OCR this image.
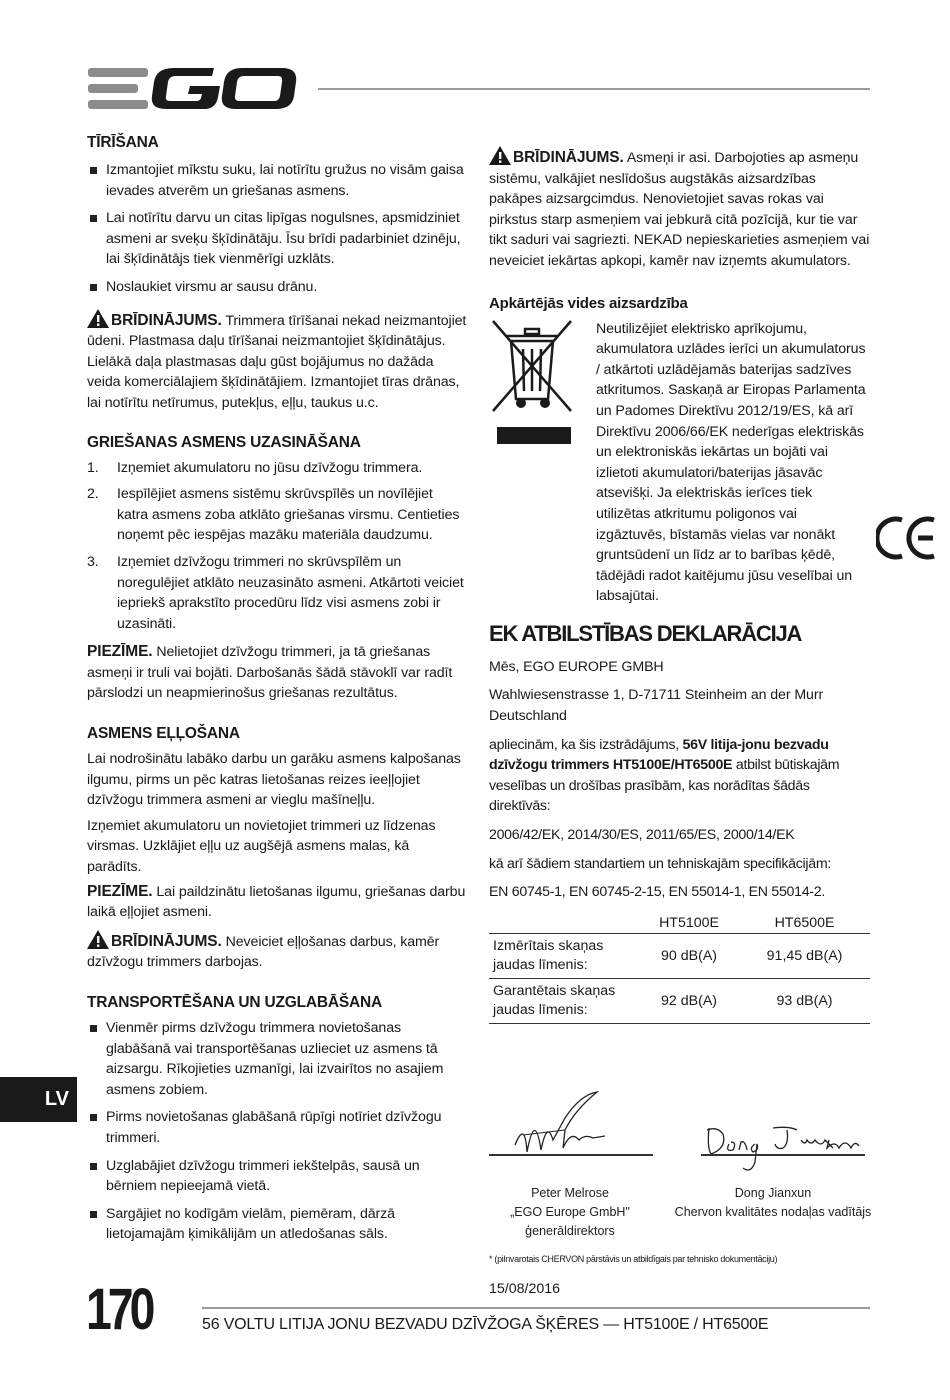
TĪRĪŠANA
Izmantojiet mīkstu suku, lai notīrītu gružus no visām gaisa ievades atverēm un griešanas asmens.
Lai notīrītu darvu un citas lipīgas nogulsnes, apsmidziniet asmeni ar sveķu šķīdinātāju. Īsu brīdi padarbiniet dzinēju, lai šķīdinātājs tiek vienmērīgi uzklāts.
Noslaukiet virsmu ar sausu drānu.

BRĪDINĀJUMS. Trimmera tīrīšanai nekad neizmantojiet ūdeni. Plastmasa daļu tīrīšanai neizmantojiet šķīdinātājus. Lielākā daļa plastmasas daļu gūst bojājumus no dažāda veida komerciālajiem šķīdinātājiem. Izmantojiet tīras drānas, lai notīrītu netīrumus, putekļus, eļļu, taukus u.c.

GRIEŠANAS ASMENS UZASINĀŠANA
1. Izņemiet akumulatoru no jūsu dzīvžogu trimmera.
2. Iespīlējiet asmens sistēmu skrūvspīlēs un novīlējiet katra asmens zoba atklāto griešanas virsmu. Centieties noņemt pēc iespējas mazāku materiāla daudzumu.
3. Izņemiet dzīvžogu trimmeri no skrūvspīlēm un noregulējiet atklāto neuzasināto asmeni. Atkārtoti veiciet iepriekš aprakstīto procedūru līdz visi asmens zobi ir uzasināti.

PIEZĪME. Nelietojiet dzīvžogu trimmeri, ja tā griešanas asmeņi ir truli vai bojāti. Darbošanās šādā stāvoklī var radīt pārslodzi un neapmierinošus griešanas rezultātus.

ASMENS EĻĻOŠANA

Lai nodrošinātu labāko darbu un garāku asmens kalpošanas ilgumu, pirms un pēc katras lietošanas reizes ieeļļojiet dzīvžogu trimmera asmeni ar vieglu mašīneļļu.

Izņemiet akumulatoru un novietojiet trimmeri uz līdzenas virsmas. Uzklājiet eļļu uz augšējā asmens malas, kā parādīts.

PIEZĪME. Lai paildzinātu lietošanas ilgumu, griešanas darbu laikā eļļojiet asmeni.

BRĪDINĀJUMS. Neveiciet eļļošanas darbus, kamēr dzīvžogu trimmers darbojas.

TRANSPORTĒŠANA UN UZGLABĀŠANA
Vienmēr pirms dzīvžogu trimmera novietošanas glabāšanā vai transportēšanas uzlieciet uz asmens tā aizsargu. Rīkojieties uzmanīgi, lai izvairītos no asajiem asmens zobiem.
Pirms novietošanas glabāšanā rūpīgi notīriet dzīvžogu trimmeri.
Uzglabājiet dzīvžogu trimmeri iekštelpās, sausā un bērniem nepieejamā vietā.
Sargājiet no kodīgām vielām, piemēram, dārzā lietojamajām ķimikālijām un atledošanas sāls.

BRĪDINĀJUMS. Asmeņi ir asi. Darbojoties ap asmeņu sistēmu, valkājiet neslīdošus augstākās aizsardzības pakāpes aizsargcimdus. Nenovietojiet savas rokas vai pirkstus starp asmeņiem vai jebkurā citā pozīcijā, kur tie var tikt saduri vai sagriezti. NEKAD nepieskarieties asmeņiem vai neveiciet iekārtas apkopi, kamēr nav izņemts akumulators.

Apkārtējās vides aizsardzība

Neutilizējiet elektrisko aprīkojumu, akumulatora uzlādes ierīci un akumulatorus / atkārtoti uzlādējamās baterijas sadzīves atkritumos. Saskaņā ar Eiropas Parlamenta un Padomes Direktīvu 2012/19/ES, kā arī Direktīvu 2006/66/EK nederīgas elektriskās un elektroniskās iekārtas un bojāti vai izlietoti akumulatori/baterijas jāsavāc atsevišķi. Ja elektriskās ierīces tiek utilizētas atkritumu poligonos vai izgāztuvēs, bīstamās vielas var nonākt gruntsūdenī un līdz ar to barības ķēdē, tādējādi radot kaitējumu jūsu veselībai un labsajūtai.

EK ATBILSTĪBAS DEKLARĀCIJA

Mēs, EGO EUROPE GMBH

Wahlwiesenstrasse 1, D-71711 Steinheim an der Murr Deutschland

apliecinām, ka šis izstrādājums, 56V litija-jonu bezvadu dzīvžogu trimmers HT5100E/HT6500E atbilst būtiskajām veselības un drošības prasībām, kas norādītas šādās direktīvās:

2006/42/EK, 2014/30/ES, 2011/65/ES, 2000/14/EK

kā arī šādiem standartiem un tehniskajām specifikācijām:

EN 60745-1, EN 60745-2-15, EN 55014-1, EN 55014-2.

	HT5100E	HT6500E
Izmērītais skaņas jaudas līmenis:	90 dB(A)	91,45 dB(A)
Garantētais skaņas jaudas līmenis:	92 dB(A)	93 dB(A)
Peter Melrose
„EGO Europe GmbH"
ģenerāldirektors
Dong Jianxun
Chervon kvalitātes nodaļas vadītājs
* (pilnvarotais CHERVON pārstāvis un atbildīgais par tehnisko dokumentāciju)
15/08/2016
LV
170	56 VOLTU LITIJA JONU BEZVADU DZĪVŽOGA ŠĶĒRES — HT5100E / HT6500E
